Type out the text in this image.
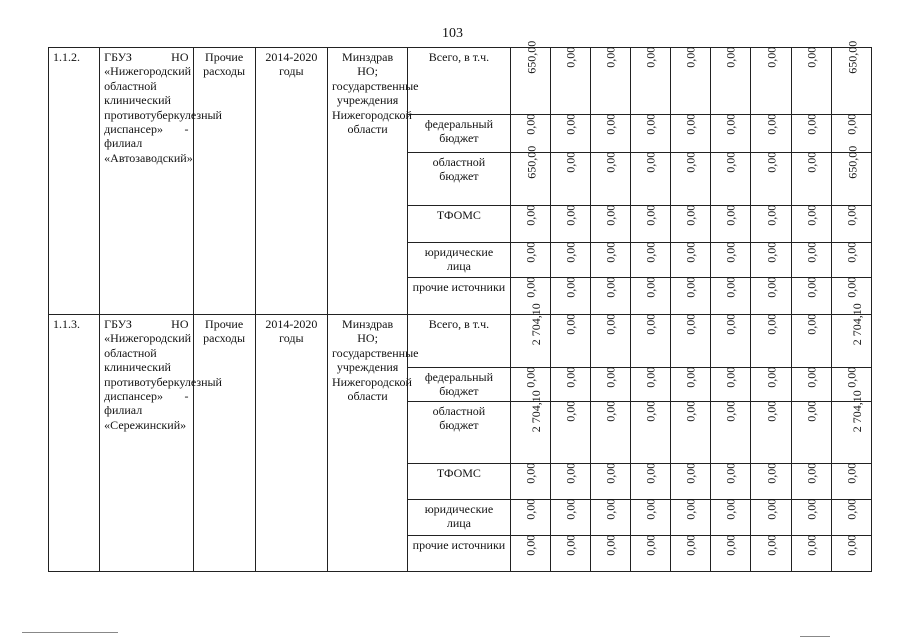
103
1.1.2.	ГБУЗ НО «Нижегородский областной клинический противотуберкулезный диспансер» - филиал «Автозаводский»	Прочие расходы	2014-2020 годы	Минздрав НО; государственные учреждения Нижегородской области	Всего, в т.ч.	650,00	0,00	0,00	0,00	0,00	0,00	0,00	0,00	650,00
					федеральный бюджет	0,00	0,00	0,00	0,00	0,00	0,00	0,00	0,00	0,00
					областной бюджет	650,00	0,00	0,00	0,00	0,00	0,00	0,00	0,00	650,00
					ТФОМС	0,00	0,00	0,00	0,00	0,00	0,00	0,00	0,00	0,00
					юридические лица	0,00	0,00	0,00	0,00	0,00	0,00	0,00	0,00	0,00
					прочие источники	0,00	0,00	0,00	0,00	0,00	0,00	0,00	0,00	0,00
1.1.3.	ГБУЗ НО «Нижегородский областной клинический противотуберкулезный диспансер» - филиал «Сережинский»	Прочие расходы	2014-2020 годы	Минздрав НО; государственные учреждения Нижегородской области	Всего, в т.ч.	2 704,10	0,00	0,00	0,00	0,00	0,00	0,00	0,00	2 704,10
					федеральный бюджет	0,00	0,00	0,00	0,00	0,00	0,00	0,00	0,00	0,00
					областной бюджет	2 704,10	0,00	0,00	0,00	0,00	0,00	0,00	0,00	2 704,10
					ТФОМС	0,00	0,00	0,00	0,00	0,00	0,00	0,00	0,00	0,00
					юридические лица	0,00	0,00	0,00	0,00	0,00	0,00	0,00	0,00	0,00
					прочие источники	0,00	0,00	0,00	0,00	0,00	0,00	0,00	0,00	0,00
